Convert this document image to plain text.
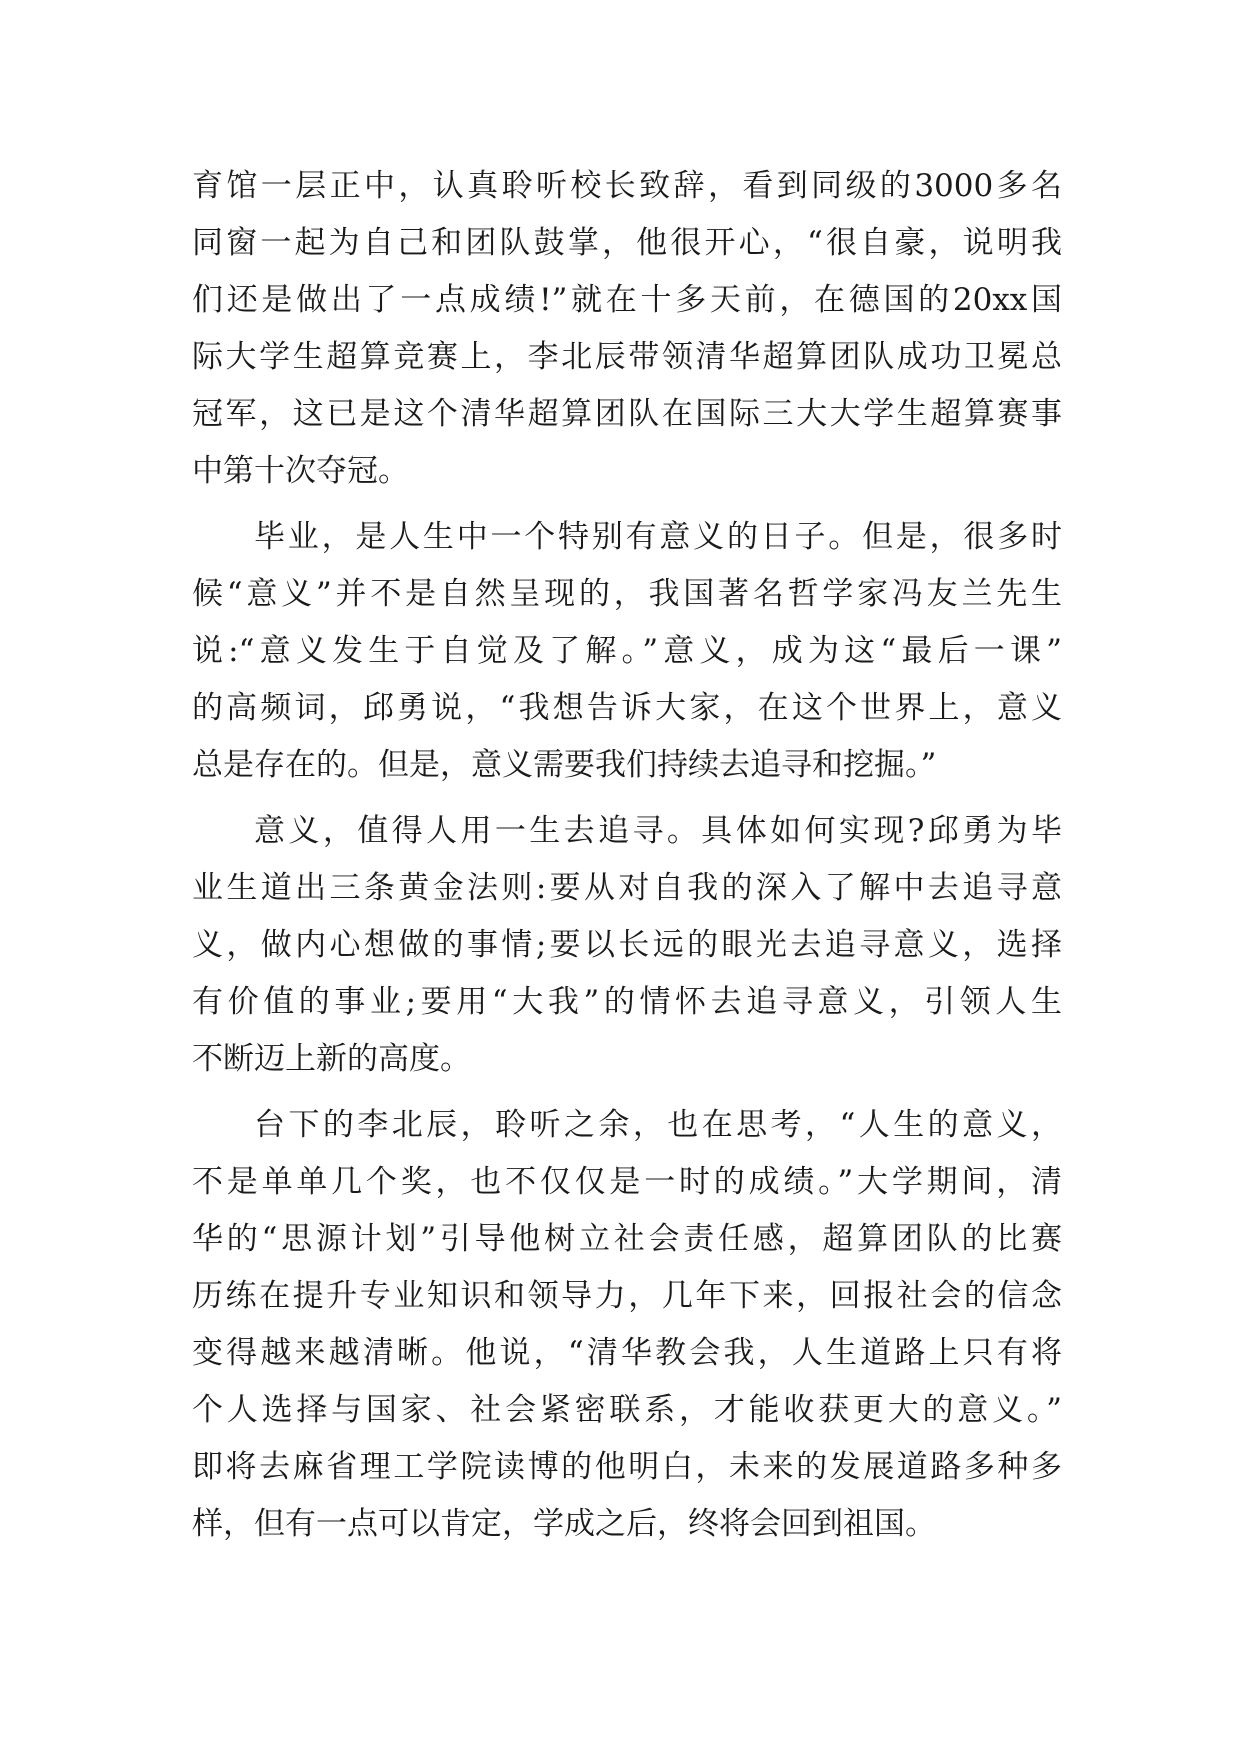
育馆一层正中，认真聆听校长致辞，看到同级的3000多名
同窗一起为自己和团队鼓掌，他很开心，“很自豪，说明我
们还是做出了一点成绩!”就在十多天前，在德国的20xx国
际大学生超算竞赛上，李北辰带领清华超算团队成功卫冕总
冠军，这已是这个清华超算团队在国际三大大学生超算赛事
中第十次夺冠。
毕业，是人生中一个特别有意义的日子。但是，很多时
候“意义”并不是自然呈现的，我国著名哲学家冯友兰先生
说:“意义发生于自觉及了解。”意义，成为这“最后一课”
的高频词，邱勇说，“我想告诉大家，在这个世界上，意义
总是存在的。但是，意义需要我们持续去追寻和挖掘。”
意义，值得人用一生去追寻。具体如何实现?邱勇为毕
业生道出三条黄金法则:要从对自我的深入了解中去追寻意
义，做内心想做的事情;要以长远的眼光去追寻意义，选择
有价值的事业;要用“大我”的情怀去追寻意义，引领人生
不断迈上新的高度。
台下的李北辰，聆听之余，也在思考，“人生的意义，
不是单单几个奖，也不仅仅是一时的成绩。”大学期间，清
华的“思源计划”引导他树立社会责任感，超算团队的比赛
历练在提升专业知识和领导力，几年下来，回报社会的信念
变得越来越清晰。他说，“清华教会我，人生道路上只有将
个人选择与国家、社会紧密联系，才能收获更大的意义。”
即将去麻省理工学院读博的他明白，未来的发展道路多种多
样，但有一点可以肯定，学成之后，终将会回到祖国。
